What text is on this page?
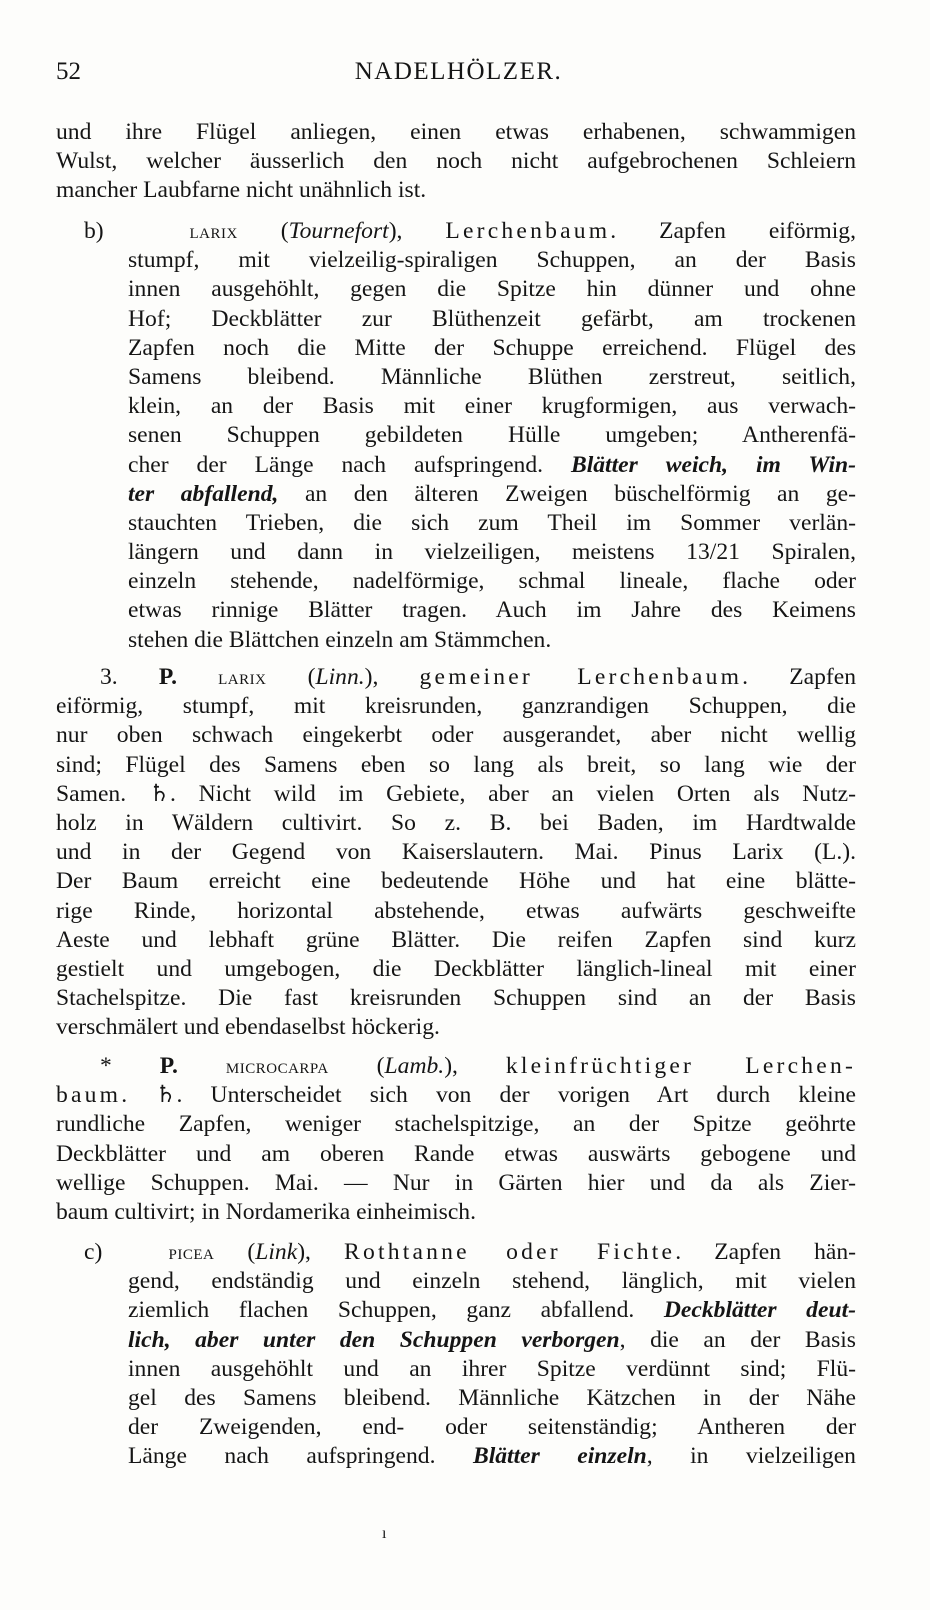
52	NADELHÖLZER.
und ihre Flügel anliegen, einen etwas erhabenen, schwammigen
Wulst, welcher äusserlich den noch nicht aufgebrochenen Schleiern
mancher Laubfarne nicht unähnlich ist.
b)	larix (Tournefort), Lerchenbaum. Zapfen eiförmig,
stumpf, mit vielzeilig-spiraligen Schuppen, an der Basis
innen ausgehöhlt, gegen die Spitze hin dünner und ohne
Hof; Deckblätter zur Blüthenzeit gefärbt, am trockenen
Zapfen noch die Mitte der Schuppe erreichend. Flügel des
Samens bleibend. Männliche Blüthen zerstreut, seitlich,
klein, an der Basis mit einer krugformigen, aus verwach-
senen Schuppen gebildeten Hülle umgeben; Antherenfä-
cher der Länge nach aufspringend. Blätter weich, im Win-
ter abfallend, an den älteren Zweigen büschelförmig an ge-
stauchten Trieben, die sich zum Theil im Sommer verlän-
längern und dann in vielzeiligen, meistens 13/21 Spiralen,
einzeln stehende, nadelförmige, schmal lineale, flache oder
etwas rinnige Blätter tragen. Auch im Jahre des Keimens
stehen die Blättchen einzeln am Stämmchen.
3. P. larix (Linn.), gemeiner Lerchenbaum. Zapfen
eiförmig, stumpf, mit kreisrunden, ganzrandigen Schuppen, die
nur oben schwach eingekerbt oder ausgerandet, aber nicht wellig
sind; Flügel des Samens eben so lang als breit, so lang wie der
Samen. ♄. Nicht wild im Gebiete, aber an vielen Orten als Nutz-
holz in Wäldern cultivirt. So z. B. bei Baden, im Hardtwalde
und in der Gegend von Kaiserslautern. Mai. Pinus Larix (L.).
Der Baum erreicht eine bedeutende Höhe und hat eine blätte-
rige Rinde, horizontal abstehende, etwas aufwärts geschweifte
Aeste und lebhaft grüne Blätter. Die reifen Zapfen sind kurz
gestielt und umgebogen, die Deckblätter länglich-lineal mit einer
Stachelspitze. Die fast kreisrunden Schuppen sind an der Basis
verschmälert und ebendaselbst höckerig.
* P. microcarpa (Lamb.), kleinfrüchtiger Lerchen-
baum. ♄. Unterscheidet sich von der vorigen Art durch kleine
rundliche Zapfen, weniger stachelspitzige, an der Spitze geöhrte
Deckblätter und am oberen Rande etwas auswärts gebogene und
wellige Schuppen. Mai. — Nur in Gärten hier und da als Zier-
baum cultivirt; in Nordamerika einheimisch.
c)	picea (Link), Rothtanne oder Fichte. Zapfen hän-
gend, endständig und einzeln stehend, länglich, mit vielen
ziemlich flachen Schuppen, ganz abfallend. Deckblätter deut-
lich, aber unter den Schuppen verborgen, die an der Basis
innen ausgehöhlt und an ihrer Spitze verdünnt sind; Flü-
gel des Samens bleibend. Männliche Kätzchen in der Nähe
der Zweigenden, end- oder seitenständig; Antheren der
Länge nach aufspringend. Blätter einzeln, in vielzeiligen
ı
